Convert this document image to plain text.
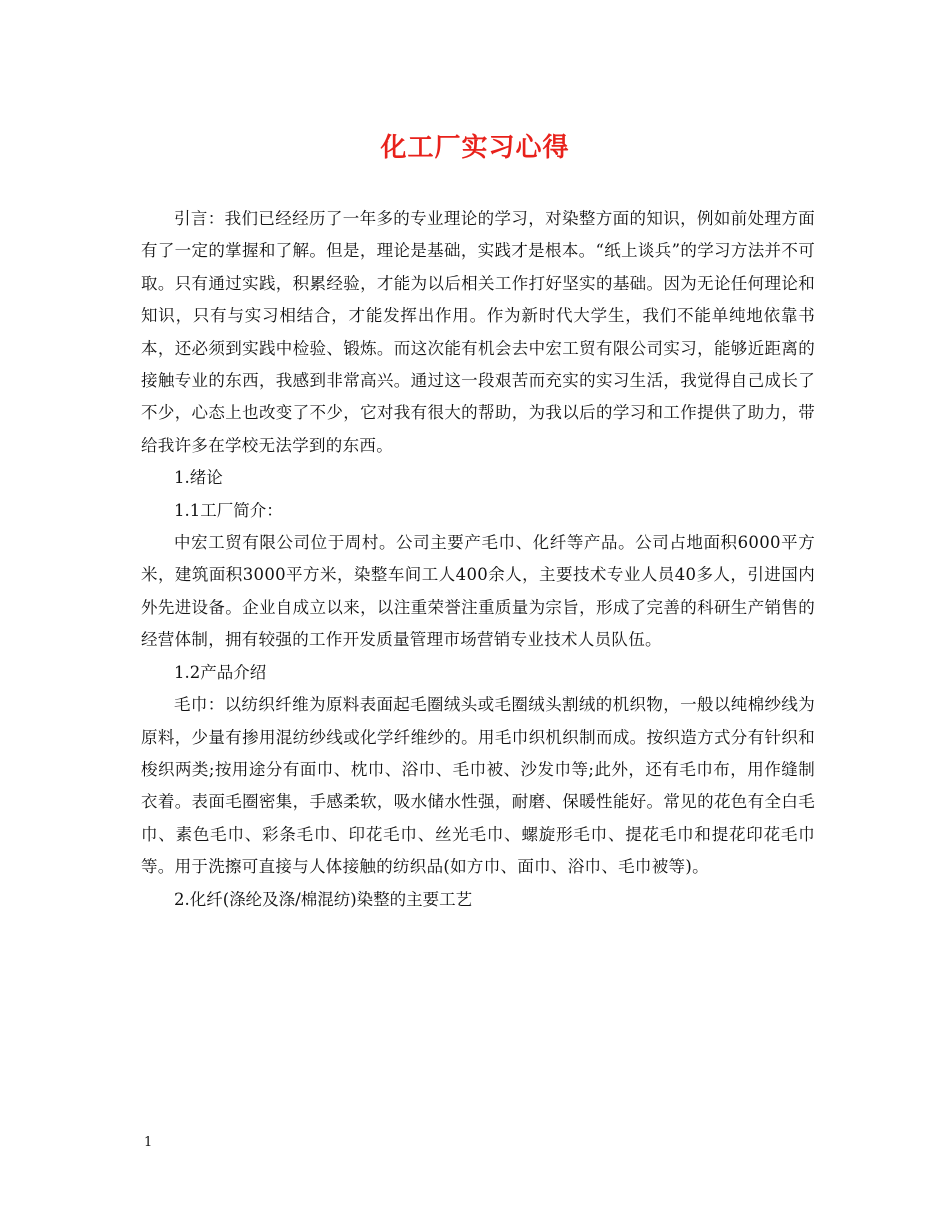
化工厂实习心得

引言：我们已经经历了一年多的专业理论的学习，对染整方面的知识，例如前处理方面有了一定的掌握和了解。但是，理论是基础，实践才是根本。“纸上谈兵”的学习方法并不可取。只有通过实践，积累经验，才能为以后相关工作打好坚实的基础。因为无论任何理论和知识，只有与实习相结合，才能发挥出作用。作为新时代大学生，我们不能单纯地依靠书本，还必须到实践中检验、锻炼。而这次能有机会去中宏工贸有限公司实习，能够近距离的接触专业的东西，我感到非常高兴。通过这一段艰苦而充实的实习生活，我觉得自己成长了不少，心态上也改变了不少，它对我有很大的帮助，为我以后的学习和工作提供了助力，带给我许多在学校无法学到的东西。

1.绪论

1.1工厂简介：

中宏工贸有限公司位于周村。公司主要产毛巾、化纤等产品。公司占地面积6000平方米，建筑面积3000平方米，染整车间工人400余人，主要技术专业人员40多人，引进国内外先进设备。企业自成立以来，以注重荣誉注重质量为宗旨，形成了完善的科研生产销售的经营体制，拥有较强的工作开发质量管理市场营销专业技术人员队伍。

1.2产品介绍

毛巾：以纺织纤维为原料表面起毛圈绒头或毛圈绒头割绒的机织物，一般以纯棉纱线为原料，少量有掺用混纺纱线或化学纤维纱的。用毛巾织机织制而成。按织造方式分有针织和梭织两类;按用途分有面巾、枕巾、浴巾、毛巾被、沙发巾等;此外，还有毛巾布，用作缝制衣着。表面毛圈密集，手感柔软，吸水储水性强，耐磨、保暖性能好。常见的花色有全白毛巾、素色毛巾、彩条毛巾、印花毛巾、丝光毛巾、螺旋形毛巾、提花毛巾和提花印花毛巾等。用于洗擦可直接与人体接触的纺织品(如方巾、面巾、浴巾、毛巾被等)。

2.化纤(涤纶及涤/棉混纺)染整的主要工艺

1
